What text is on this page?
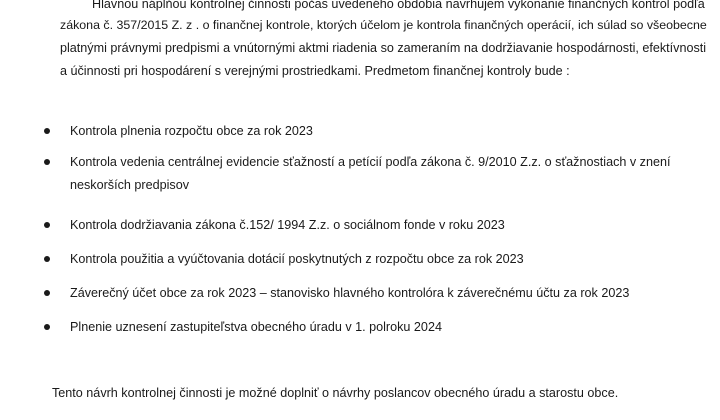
Hlavnou náplňou kontrolnej činnosti počas uvedeného obdobia navrhujem vykonanie finančných kontrol podľa
zákona č. 357/2015 Z. z . o finančnej kontrole, ktorých účelom je kontrola finančných operácií, ich súlad so všeobecne
platnými právnymi predpismi a vnútornými aktmi riadenia so zameraním na dodržiavanie hospodárnosti, efektívnosti
a účinnosti pri hospodárení s verejnými prostriedkami. Predmetom finančnej kontroly bude :
Kontrola plnenia rozpočtu obce za rok 2023
Kontrola vedenia centrálnej evidencie sťažností a petícií podľa zákona č. 9/2010 Z.z. o sťažnostiach v znení
neskorších predpisov
Kontrola dodržiavania zákona č.152/ 1994 Z.z. o sociálnom fonde v roku 2023
Kontrola použitia a vyúčtovania dotácií poskytnutých z rozpočtu obce za rok 2023
Záverečný účet obce za rok 2023 – stanovisko hlavného kontrolóra k záverečnému účtu za rok 2023
Plnenie uznesení zastupiteľstva obecného úradu v 1. polroku 2024
Tento návrh kontrolnej činnosti je možné doplniť o návrhy poslancov obecného úradu a starostu obce.
